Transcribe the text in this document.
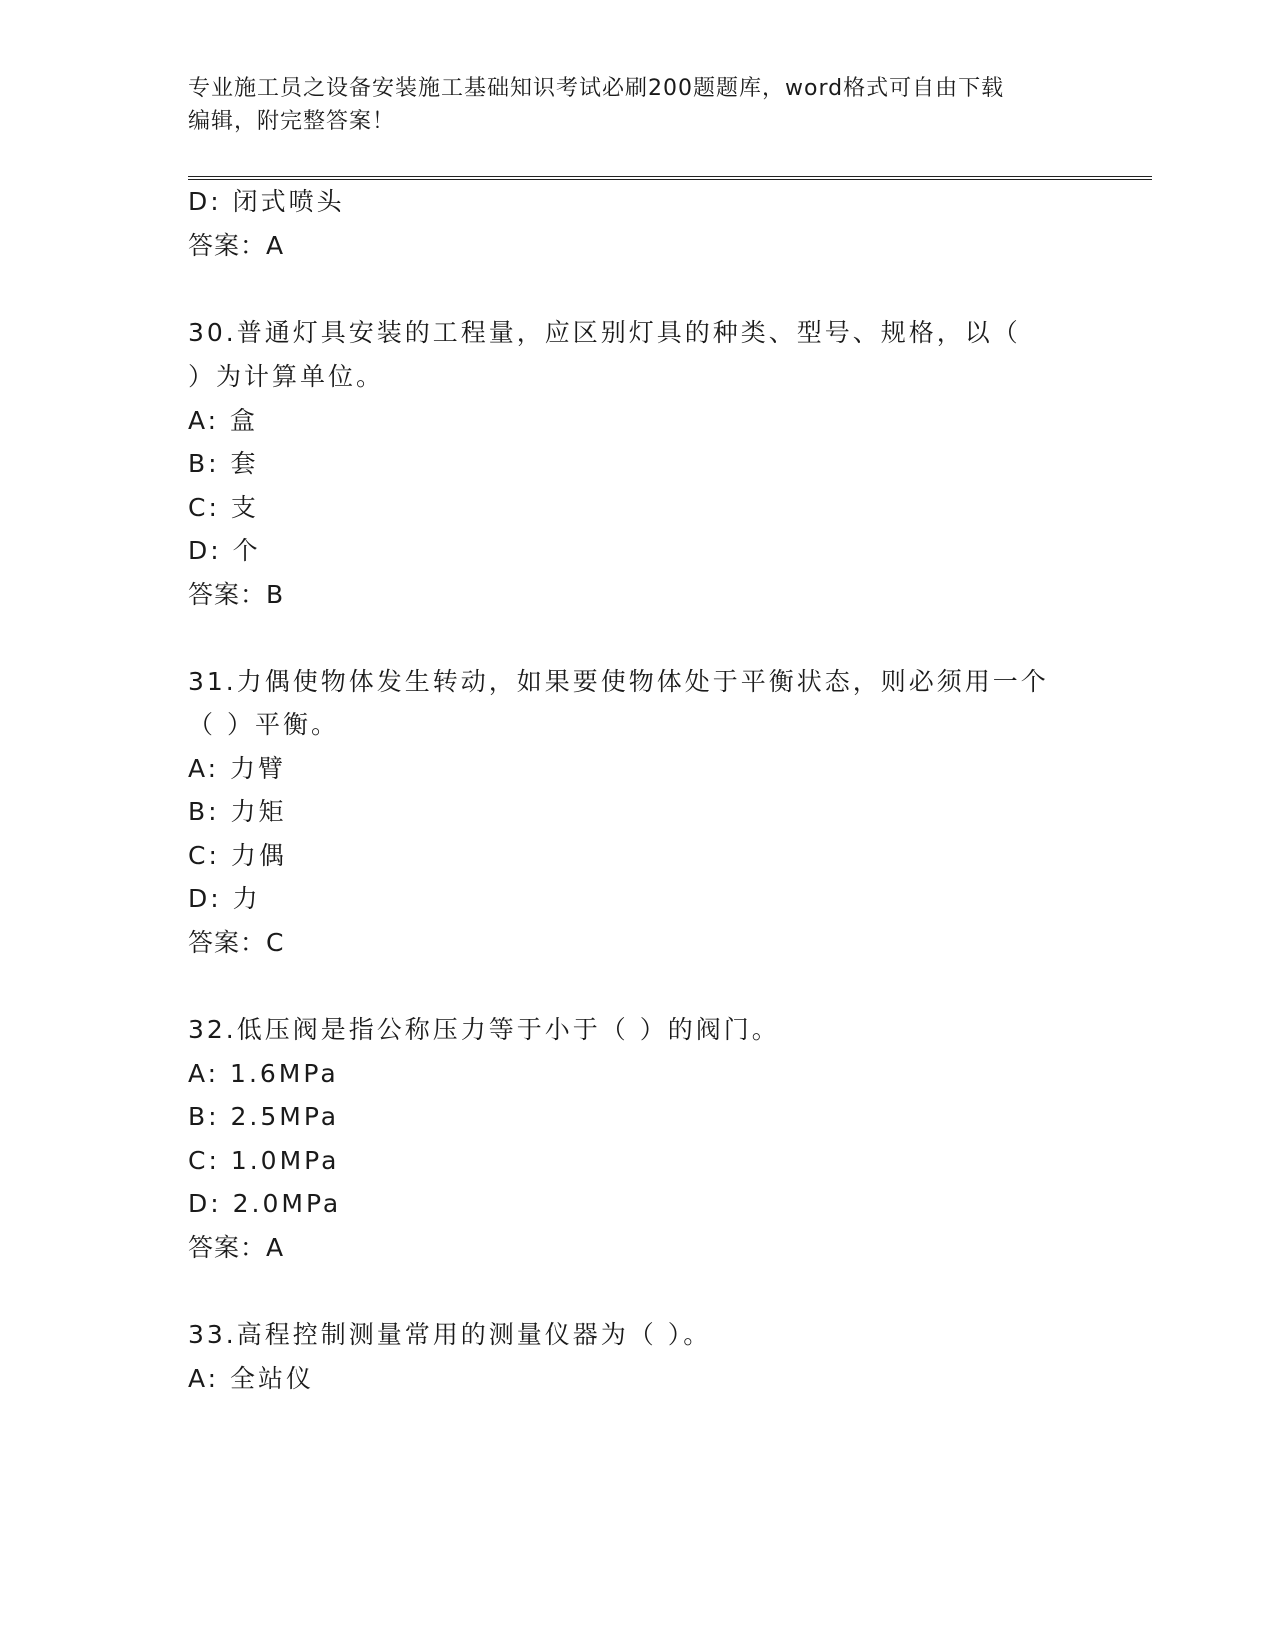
专业施工员之设备安装施工基础知识考试必刷200题题库，word格式可自由下载
编辑，附完整答案！
D: 闭式喷头
答案：A
30.普通灯具安装的工程量，应区别灯具的种类、型号、规格，以（
）为计算单位。
A: 盒
B: 套
C: 支
D: 个
答案：B
31.力偶使物体发生转动，如果要使物体处于平衡状态，则必须用一个
（ ）平衡。
A: 力臂
B: 力矩
C: 力偶
D: 力
答案：C
32.低压阀是指公称压力等于小于（ ）的阀门。
A: 1.6MPa
B: 2.5MPa
C: 1.0MPa
D: 2.0MPa
答案：A
33.高程控制测量常用的测量仪器为（ ）。
A: 全站仪
